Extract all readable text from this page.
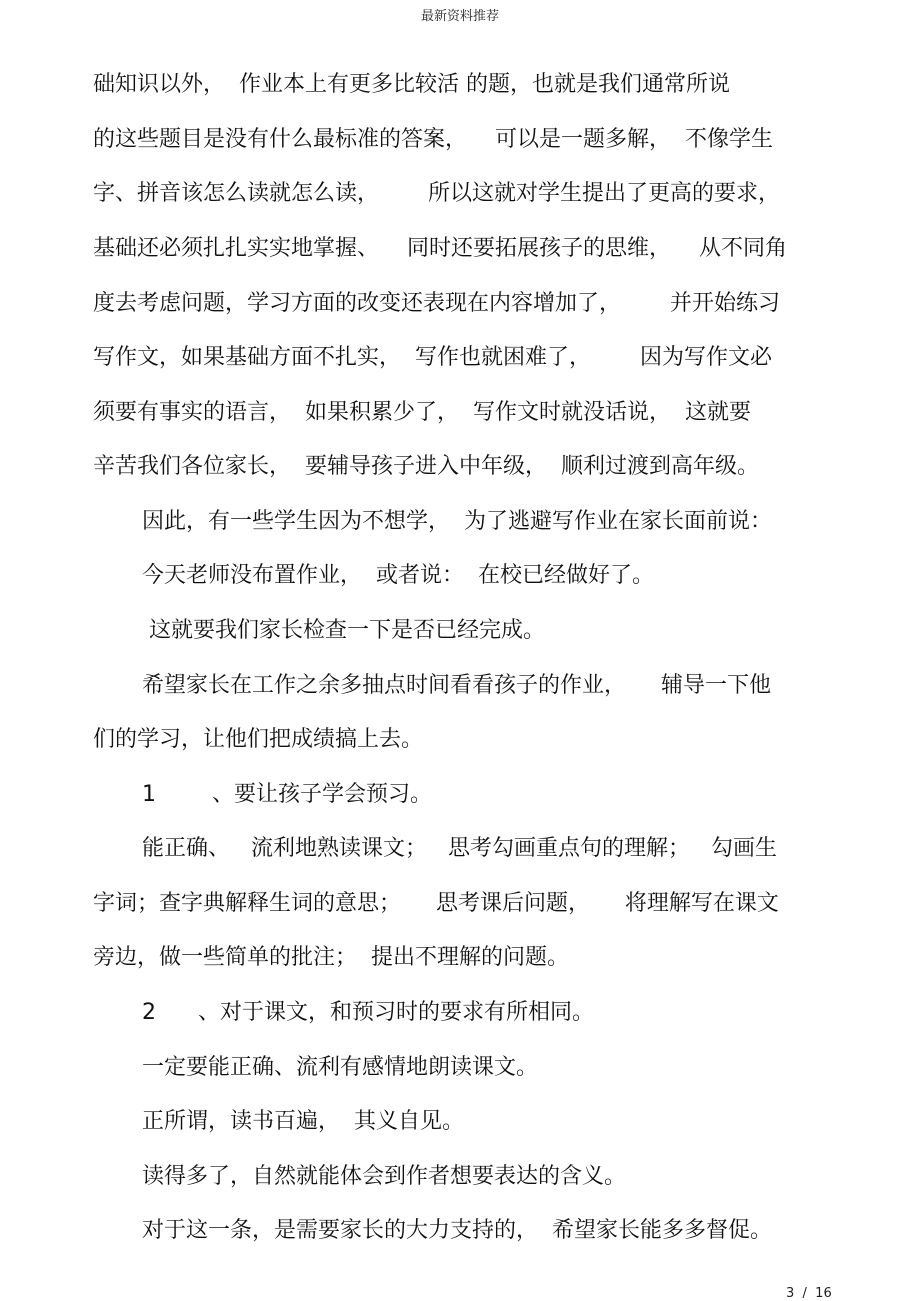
最新资料推荐
础知识以外，  作业本上有更多比较活 的题，也就是我们通常所说
的这些题目是没有什么最标准的答案，    可以是一题多解，  不像学生
字、拼音该怎么读就怎么读，       所以这就对学生提出了更高的要求，
基础还必须扎扎实实地掌握、    同时还要拓展孩子的思维，    从不同角
度去考虑问题，学习方面的改变还表现在内容增加了，       并开始练习
写作文，如果基础方面不扎实，  写作也就困难了，       因为写作文必
须要有事实的语言，  如果积累少了，  写作文时就没话说，  这就要
辛苦我们各位家长，  要辅导孩子进入中年级，  顺利过渡到高年级。
因此，有一些学生因为不想学，  为了逃避写作业在家长面前说：
今天老师没布置作业，  或者说：  在校已经做好了。
这就要我们家长检查一下是否已经完成。
希望家长在工作之余多抽点时间看看孩子的作业，     辅导一下他
们的学习，让他们把成绩搞上去。
1        、要让孩子学会预习。
能正确、   流利地熟读课文；   思考勾画重点句的理解；   勾画生
字词；查字典解释生词的意思；     思考课后问题，     将理解写在课文
旁边，做一些简单的批注；  提出不理解的问题。
2      、对于课文，和预习时的要求有所相同。
一定要能正确、流利有感情地朗读课文。
正所谓，读书百遍，  其义自见。
读得多了，自然就能体会到作者想要表达的含义。
对于这一条，是需要家长的大力支持的，  希望家长能多多督促。
3  /  16
